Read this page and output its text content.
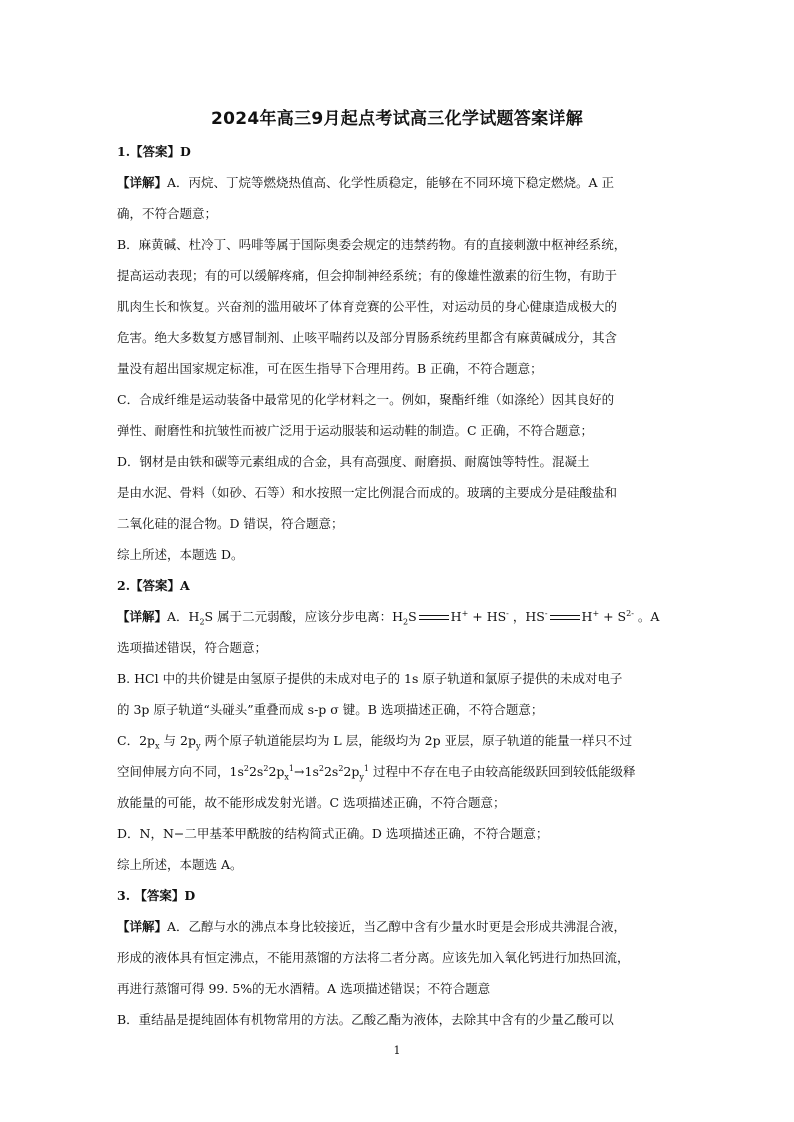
2024年高三9月起点考试高三化学试题答案详解
1.【答案】D
【详解】A．丙烷、丁烷等燃烧热值高、化学性质稳定，能够在不同环境下稳定燃烧。A 正
确，不符合题意；
B．麻黄碱、杜冷丁、吗啡等属于国际奥委会规定的违禁药物。有的直接刺激中枢神经系统，
提高运动表现；有的可以缓解疼痛，但会抑制神经系统；有的像雄性激素的衍生物，有助于
肌肉生长和恢复。兴奋剂的滥用破坏了体育竞赛的公平性，对运动员的身心健康造成极大的
危害。绝大多数复方感冒制剂、止咳平喘药以及部分胃肠系统药里都含有麻黄碱成分，其含
量没有超出国家规定标准，可在医生指导下合理用药。B 正确，不符合题意；
C．合成纤维是运动装备中最常见的化学材料之一。例如，聚酯纤维（如涤纶）因其良好的
弹性、耐磨性和抗皱性而被广泛用于运动服装和运动鞋的制造。C 正确，不符合题意；
D．钢材是由铁和碳等元素组成的合金，具有高强度、耐磨损、耐腐蚀等特性。混凝土
是由水泥、骨料（如砂、石等）和水按照一定比例混合而成的。玻璃的主要成分是硅酸盐和
二氧化硅的混合物。D 错误，符合题意；
综上所述，本题选 D。
2.【答案】A
【详解】A．$H_2S$ 属于二元弱酸，应该分步电离：$H_2S$	H+ + HS- ，HS-	$H^+ + S^{2-}$ 。A
选项描述错误，符合题意；
B. HCl 中的共价键是由氢原子提供的未成对电子的 1s 原子轨道和氯原子提供的未成对电子
的 3p 原子轨道“头碰头”重叠而成 s-p σ 键。B 选项描述正确，不符合题意；
C．$2p_x$ 与 $2p_y$ 两个原子轨道能层均为 L 层，能级均为 2p 亚层，原子轨道的能量一样只不过
空间伸展方向不同，$1s^22s^22p_x^1\to 1s^22s^22p_y^1$ 过程中不存在电子由较高能级跃回到较低能级释
放能量的可能，故不能形成发射光谱。C 选项描述正确，不符合题意；
D．N，N−二甲基苯甲酰胺的结构简式正确。D 选项描述正确，不符合题意；
综上所述，本题选 A。
3. 【答案】D
【详解】A．乙醇与水的沸点本身比较接近，当乙醇中含有少量水时更是会形成共沸混合液，
形成的液体具有恒定沸点，不能用蒸馏的方法将二者分离。应该先加入氧化钙进行加热回流，
再进行蒸馏可得 99. 5%的无水酒精。A 选项描述错误；不符合题意
B．重结晶是提纯固体有机物常用的方法。乙酸乙酯为液体，去除其中含有的少量乙酸可以
1
